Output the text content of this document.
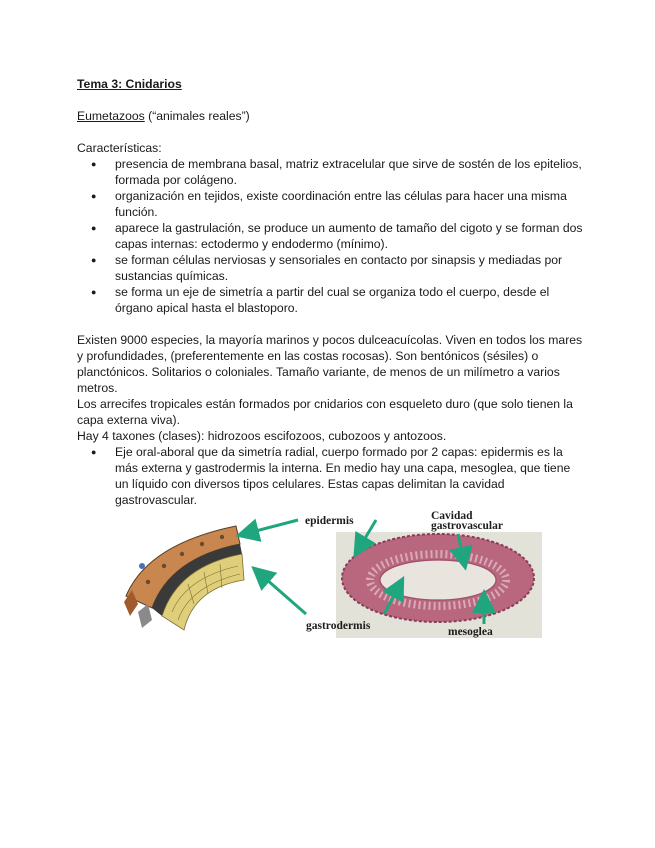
Tema 3: Cnidarios

Eumetazoos (“animales reales”)
Características:
● presencia de membrana basal, matriz extracelular que sirve de sostén de los epitelios, formada por colágeno.
● organización en tejidos, existe coordinación entre las células para hacer una misma función.
● aparece la gastrulación, se produce un aumento de tamaño del cigoto y se forman dos capas internas: ectodermo y endodermo (mínimo).
● se forman células nerviosas y sensoriales en contacto por sinapsis y mediadas por sustancias químicas.
● se forma un eje de simetría a partir del cual se organiza todo el cuerpo, desde el órgano apical hasta el blastoporo.

Existen 9000 especies, la mayoría marinos y pocos dulceacuícolas. Viven en todos los mares y profundidades, (preferentemente en las costas rocosas). Son bentónicos (sésiles) o planctónicos. Solitarios o coloniales. Tamaño variante, de menos de un milímetro a varios metros.

Los arrecifes tropicales están formados por cnidarios con esqueleto duro (que solo tienen la capa externa viva).

Hay 4 taxones (clases): hidrozoos escifozoos, cubozoos y antozoos.

● Eje oral-aboral que da simetría radial, cuerpo formado por 2 capas: epidermis es la más externa y gastrodermis la interna. En medio hay una capa, mesoglea, que tiene un líquido con diversos tipos celulares. Estas capas delimitan la cavidad gastrovascular.
epidermis	Cavidad
gastrovascular
gastrodermis	mesoglea
